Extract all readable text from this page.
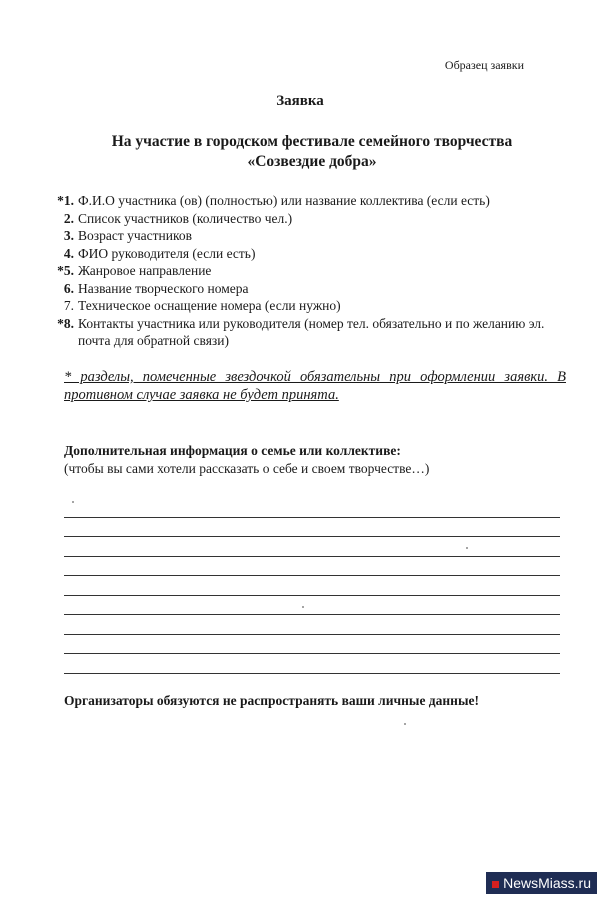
Образец заявки
Заявка
На участие в городском фестивале семейного творчества
«Созвездие добра»
*1. Ф.И.О участника (ов) (полностью) или название коллектива (если есть)
2. Список участников (количество чел.)
3. Возраст участников
4. ФИО руководителя (если есть)
*5. Жанровое направление
6. Название творческого номера
7. Техническое оснащение номера (если нужно)
*8. Контакты участника или руководителя (номер тел. обязательно и по желанию эл. почта для обратной связи)
* разделы, помеченные звездочкой обязательны при оформлении заявки. В противном случае заявка не будет принята.
Дополнительная информация о семье или коллективе:
(чтобы вы сами хотели рассказать о себе и своем творчестве…)
Организаторы обязуются не распространять ваши личные данные!
NewsMiass.ru
